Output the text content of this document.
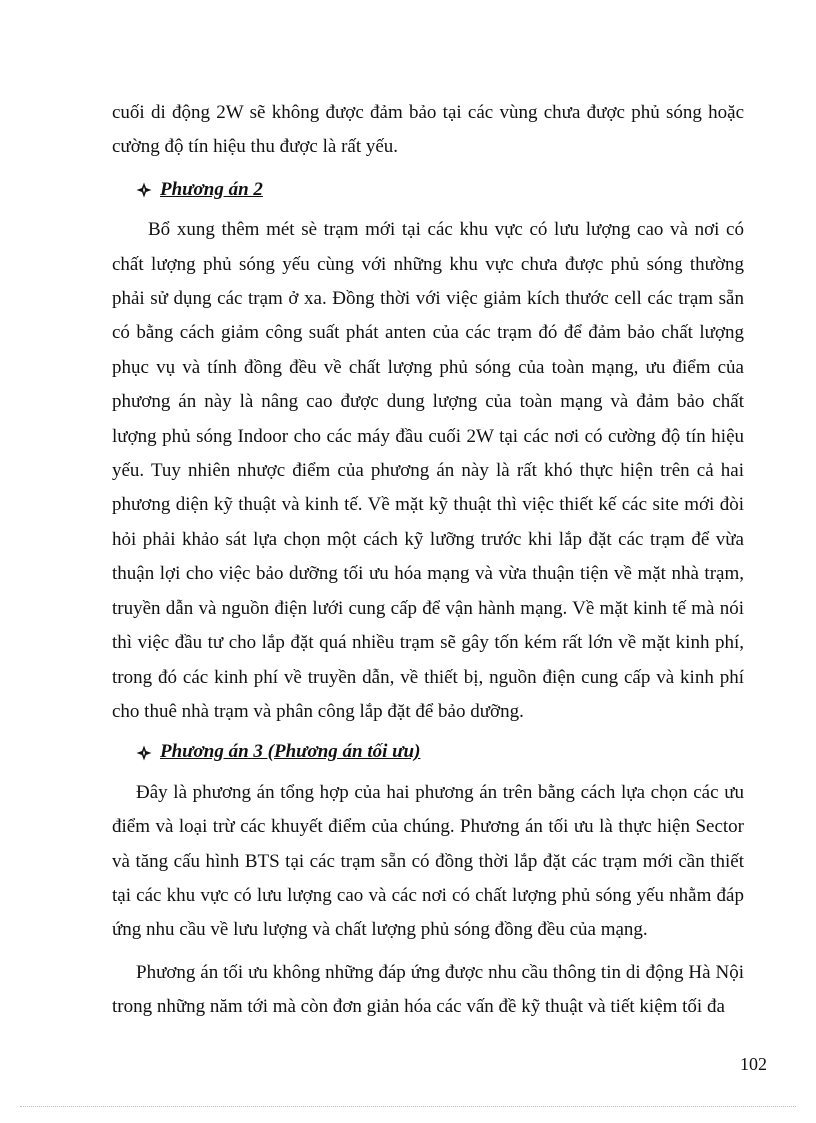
cuối di động 2W sẽ không được đảm bảo tại các vùng chưa được phủ sóng hoặc cường độ tín hiệu thu được là rất yếu.

Phương án 2

Bổ xung thêm mét sè trạm mới tại các khu vực có lưu lượng cao và nơi có chất lượng phủ sóng yếu cùng với những khu vực chưa được phủ sóng thường phải sử dụng các trạm ở xa. Đồng thời với việc giảm kích thước cell các trạm sẵn có bằng cách giảm công suất phát anten của các trạm đó để đảm bảo chất lượng phục vụ và tính đồng đều về chất lượng phủ sóng của toàn mạng, ưu điểm của phương án này là nâng cao được dung lượng của toàn mạng và đảm bảo chất lượng phủ sóng Indoor cho các máy đầu cuối 2W tại các nơi có cường độ tín hiệu yếu. Tuy nhiên nhược điểm của phương án này là rất khó thực hiện trên cả hai phương diện kỹ thuật và kinh tế. Về mặt kỹ thuật thì việc thiết kế các site mới đòi hỏi phải khảo sát lựa chọn một cách kỹ lưỡng trước khi lắp đặt các trạm để vừa thuận lợi cho việc bảo dưỡng tối ưu hóa mạng và vừa thuận tiện về mặt nhà trạm, truyền dẫn và nguồn điện lưới cung cấp để vận hành mạng. Về mặt kinh tế mà nói thì việc đầu tư cho lắp đặt quá nhiều trạm sẽ gây tốn kém rất lớn về mặt kinh phí, trong đó các kinh phí về truyền dẫn, về thiết bị, nguồn điện cung cấp và kinh phí cho thuê nhà trạm và phân công lắp đặt để bảo dưỡng.

Phương án 3 (Phương án tối ưu)

Đây là phương án tổng hợp của hai phương án trên bằng cách lựa chọn các ưu điểm và loại trừ các khuyết điểm của chúng. Phương án tối ưu là thực hiện Sector và tăng cấu hình BTS tại các trạm sẵn có đồng thời lắp đặt các trạm mới cần thiết tại các khu vực có lưu lượng cao và các nơi có chất lượng phủ sóng yếu nhằm đáp ứng nhu cầu về lưu lượng và chất lượng phủ sóng đồng đều của mạng.

Phương án tối ưu không những đáp ứng được nhu cầu thông tin di động Hà Nội trong những năm tới mà còn đơn giản hóa các vấn đề kỹ thuật và tiết kiệm tối đa

102
